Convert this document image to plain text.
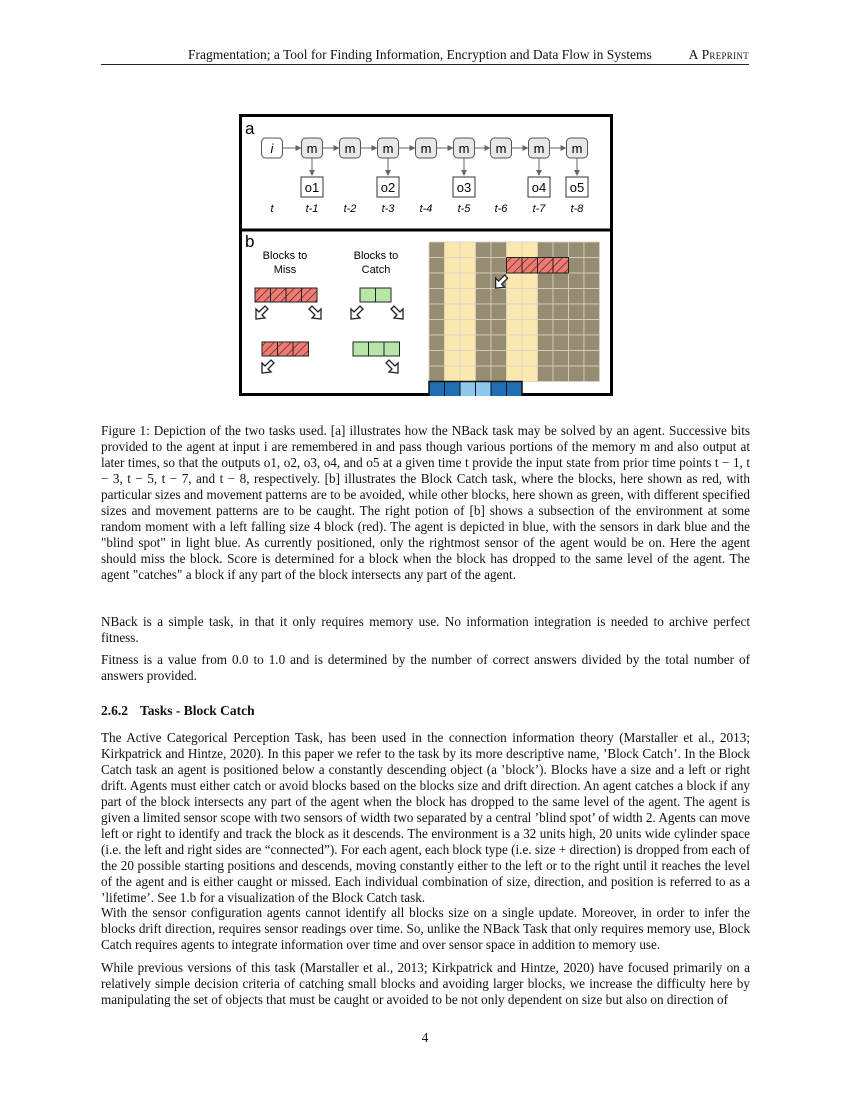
Fragmentation; a Tool for Finding Information, Encryption and Data Flow in Systems	A Preprint
a
i	m m m m m m m m
o1	o2	o3	o4 o5
t	t-1 t-2 t-3 t-4 t-5 t-6 t-7 t-8
b
Blocks to
Miss
Blocks to
Catch

Figure 1: Depiction of the two tasks used. [a] illustrates how the NBack task may be solved by an agent. Successive bits provided to the agent at input i are remembered in and pass though various portions of the memory m and also output at later times, so that the outputs o1, o2, o3, o4, and o5 at a given time t provide the input state from prior time points t − 1, t − 3, t − 5, t − 7, and t − 8, respectively. [b] illustrates the Block Catch task, where the blocks, here shown as red, with particular sizes and movement patterns are to be avoided, while other blocks, here shown as green, with different specified sizes and movement patterns are to be caught. The right potion of [b] shows a subsection of the environment at some random moment with a left falling size 4 block (red). The agent is depicted in blue, with the sensors in dark blue and the "blind spot" in light blue. As currently positioned, only the rightmost sensor of the agent would be on. Here the agent should miss the block. Score is determined for a block when the block has dropped to the same level of the agent. The agent "catches" a block if any part of the block intersects any part of the agent.

NBack is a simple task, in that it only requires memory use. No information integration is needed to archive perfect fitness.

Fitness is a value from 0.0 to 1.0 and is determined by the number of correct answers divided by the total number of answers provided.

2.6.2 Tasks - Block Catch

The Active Categorical Perception Task, has been used in the connection information theory (Marstaller et al., 2013; Kirkpatrick and Hintze, 2020). In this paper we refer to the task by its more descriptive name, ’Block Catch’. In the Block Catch task an agent is positioned below a constantly descending object (a ’block’). Blocks have a size and a left or right drift. Agents must either catch or avoid blocks based on the blocks size and drift direction. An agent catches a block if any part of the block intersects any part of the agent when the block has dropped to the same level of the agent. The agent is given a limited sensor scope with two sensors of width two separated by a central ’blind spot’ of width 2. Agents can move left or right to identify and track the block as it descends. The environment is a 32 units high, 20 units wide cylinder space (i.e. the left and right sides are “connected”). For each agent, each block type (i.e. size + direction) is dropped from each of the 20 possible starting positions and descends, moving constantly either to the left or to the right until it reaches the level of the agent and is either caught or missed. Each individual combination of size, direction, and position is referred to as a ’lifetime’. See 1.b for a visualization of the Block Catch task.

With the sensor configuration agents cannot identify all blocks size on a single update. Moreover, in order to infer the blocks drift direction, requires sensor readings over time. So, unlike the NBack Task that only requires memory use, Block Catch requires agents to integrate information over time and over sensor space in addition to memory use.

While previous versions of this task (Marstaller et al., 2013; Kirkpatrick and Hintze, 2020) have focused primarily on a relatively simple decision criteria of catching small blocks and avoiding larger blocks, we increase the difficulty here by manipulating the set of objects that must be caught or avoided to be not only dependent on size but also on direction of

4
